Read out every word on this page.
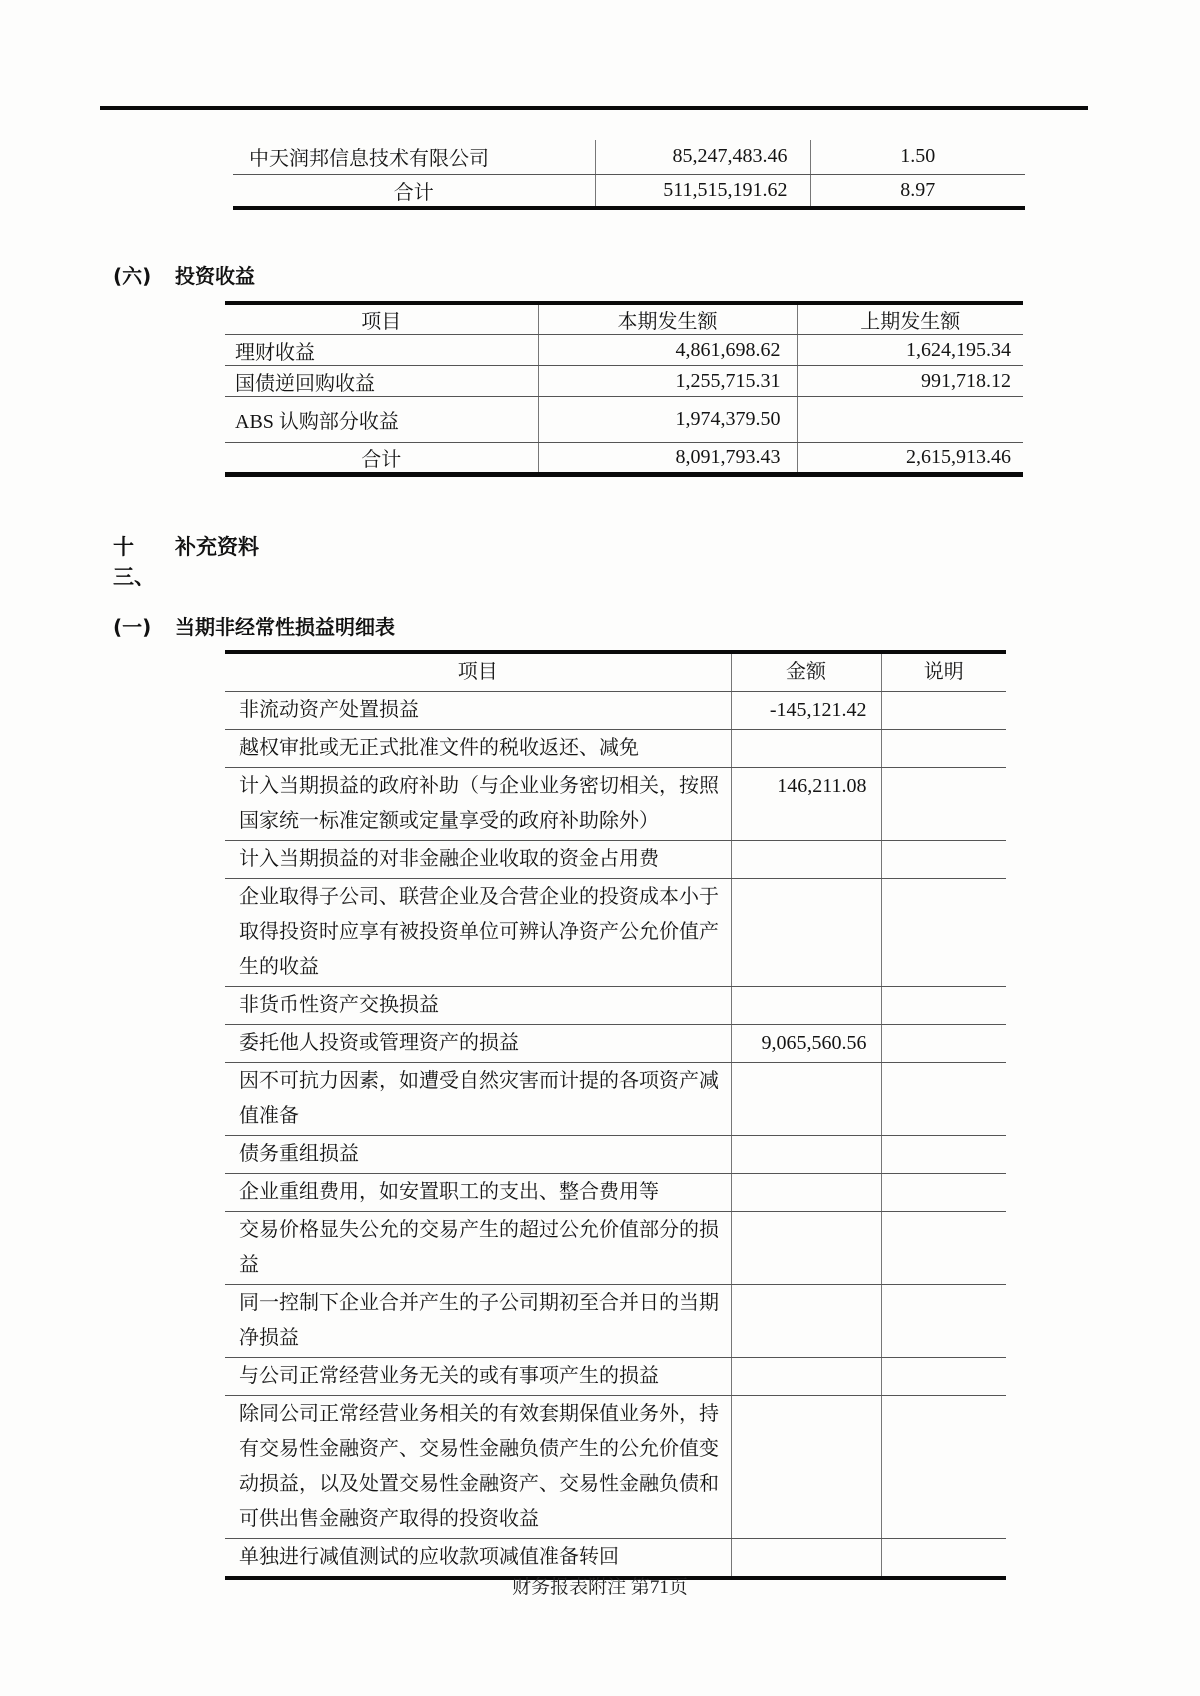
中天润邦信息技术有限公司	85,247,483.46	1.50
合计	511,515,191.62	8.97
(六)	投资收益
项目	本期发生额	上期发生额
理财收益	4,861,698.62	1,624,195.34
国债逆回购收益	1,255,715.31	991,718.12
ABS 认购部分收益	1,974,379.50	
合计	8,091,793.43	2,615,913.46
十三、
补充资料
(一)	当期非经常性损益明细表
项目	金额	说明
非流动资产处置损益	-145,121.42	
越权审批或无正式批准文件的税收返还、减免		
计入当期损益的政府补助（与企业业务密切相关，按照国家统一标准定额或定量享受的政府补助除外）	146,211.08	
计入当期损益的对非金融企业收取的资金占用费		
企业取得子公司、联营企业及合营企业的投资成本小于取得投资时应享有被投资单位可辨认净资产公允价值产生的收益		
非货币性资产交换损益		
委托他人投资或管理资产的损益	9,065,560.56	
因不可抗力因素，如遭受自然灾害而计提的各项资产减值准备		
债务重组损益		
企业重组费用，如安置职工的支出、整合费用等		
交易价格显失公允的交易产生的超过公允价值部分的损益		
同一控制下企业合并产生的子公司期初至合并日的当期净损益		
与公司正常经营业务无关的或有事项产生的损益		
除同公司正常经营业务相关的有效套期保值业务外，持有交易性金融资产、交易性金融负债产生的公允价值变动损益，以及处置交易性金融资产、交易性金融负债和可供出售金融资产取得的投资收益		
单独进行减值测试的应收款项减值准备转回		
财务报表附注 第71页
